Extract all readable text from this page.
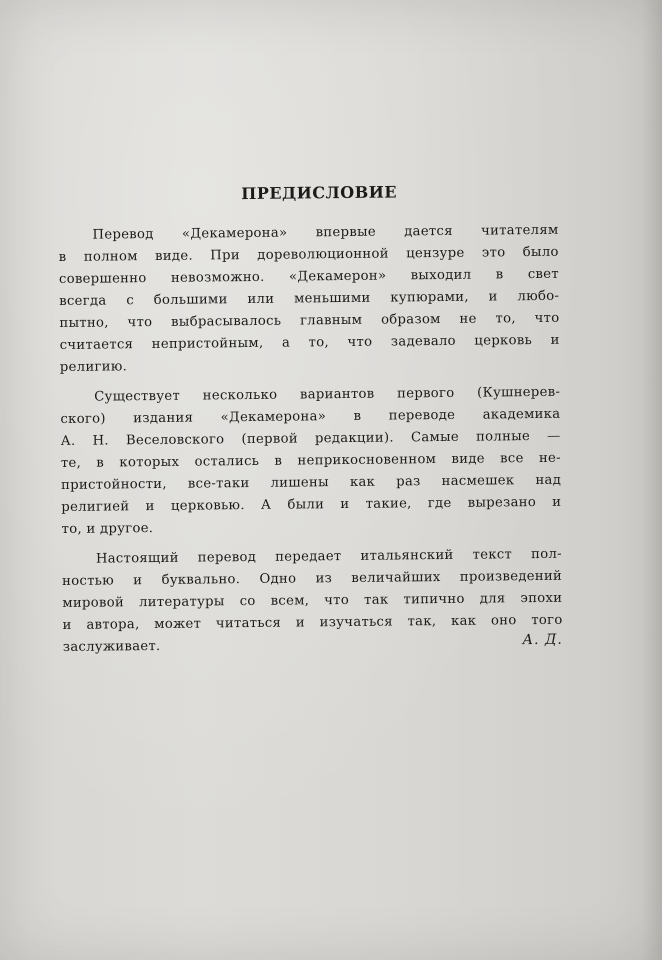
ПРЕДИСЛОВИЕ
Перевод «Декамерона» впервые дается читателям
в полном виде. При дореволюционной цензуре это было
совершенно невозможно. «Декамерон» выходил в свет
всегда с большими или меньшими купюрами, и любо-
пытно, что выбрасывалось главным образом не то, что
считается непристойным, а то, что задевало церковь и
религию.
Существует несколько вариантов первого (Кушнерев-
ского) издания «Декамерона» в переводе академика
А. Н. Веселовского (первой редакции). Самые полные —
те, в которых остались в неприкосновенном виде все не-
пристойности, все-таки лишены как раз насмешек над
религией и церковью. А были и такие, где вырезано и
то, и другое.
Настоящий перевод передает итальянский текст пол-
ностью и буквально. Одно из величайших произведений
мировой литературы со всем, что так типично для эпохи
и автора, может читаться и изучаться так, как оно того
заслуживает.	А. Д.
